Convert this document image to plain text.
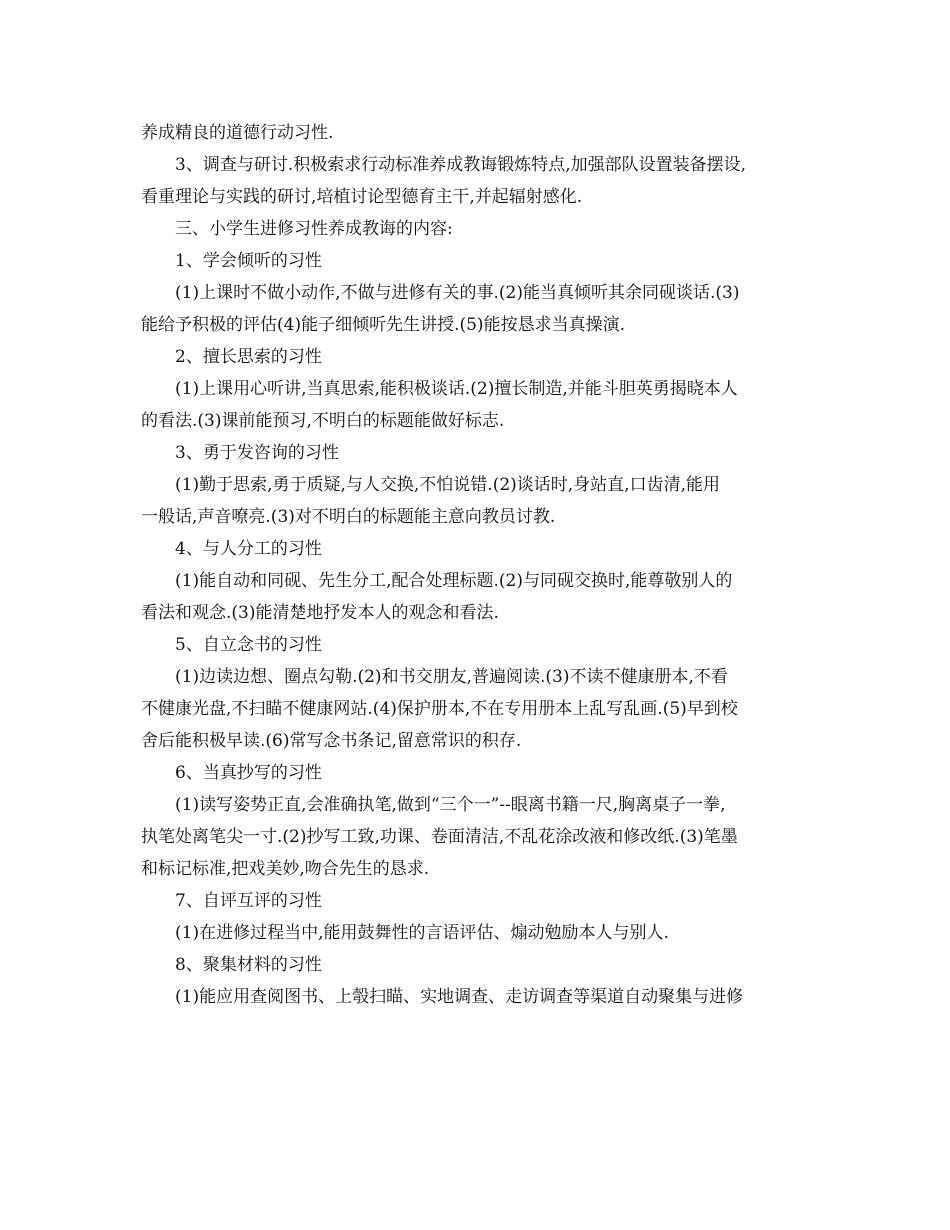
养成精良的道德行动习性.

3、调查与研讨.积极索求行动标准养成教诲锻炼特点,加强部队设置装备摆设,

看重理论与实践的研讨,培植讨论型德育主干,并起辐射感化.

三、小学生进修习性养成教诲的内容:

1、学会倾听的习性

(1)上课时不做小动作,不做与进修有关的事.(2)能当真倾听其余同砚谈话.(3)

能给予积极的评估(4)能子细倾听先生讲授.(5)能按恳求当真操演.

2、擅长思索的习性

(1)上课用心听讲,当真思索,能积极谈话.(2)擅长制造,并能斗胆英勇揭晓本人

的看法.(3)课前能预习,不明白的标题能做好标志.

3、勇于发咨询的习性

(1)勤于思索,勇于质疑,与人交换,不怕说错.(2)谈话时,身站直,口齿清,能用

一般话,声音嘹亮.(3)对不明白的标题能主意向教员讨教.

4、与人分工的习性

(1)能自动和同砚、先生分工,配合处理标题.(2)与同砚交换时,能尊敬别人的

看法和观念.(3)能清楚地抒发本人的观念和看法.

5、自立念书的习性

(1)边读边想、圈点勾勒.(2)和书交朋友,普遍阅读.(3)不读不健康册本,不看

不健康光盘,不扫瞄不健康网站.(4)保护册本,不在专用册本上乱写乱画.(5)早到校

舍后能积极早读.(6)常写念书条记,留意常识的积存.

6、当真抄写的习性

(1)读写姿势正直,会准确执笔,做到“三个一”--眼离书籍一尺,胸离桌子一拳,

执笔处离笔尖一寸.(2)抄写工致,功课、卷面清洁,不乱花涂改液和修改纸.(3)笔墨

和标记标准,把戏美妙,吻合先生的恳求.

7、自评互评的习性

(1)在进修过程当中,能用鼓舞性的言语评估、煽动勉励本人与别人.

8、聚集材料的习性

(1)能应用查阅图书、上彀扫瞄、实地调查、走访调查等渠道自动聚集与进修
